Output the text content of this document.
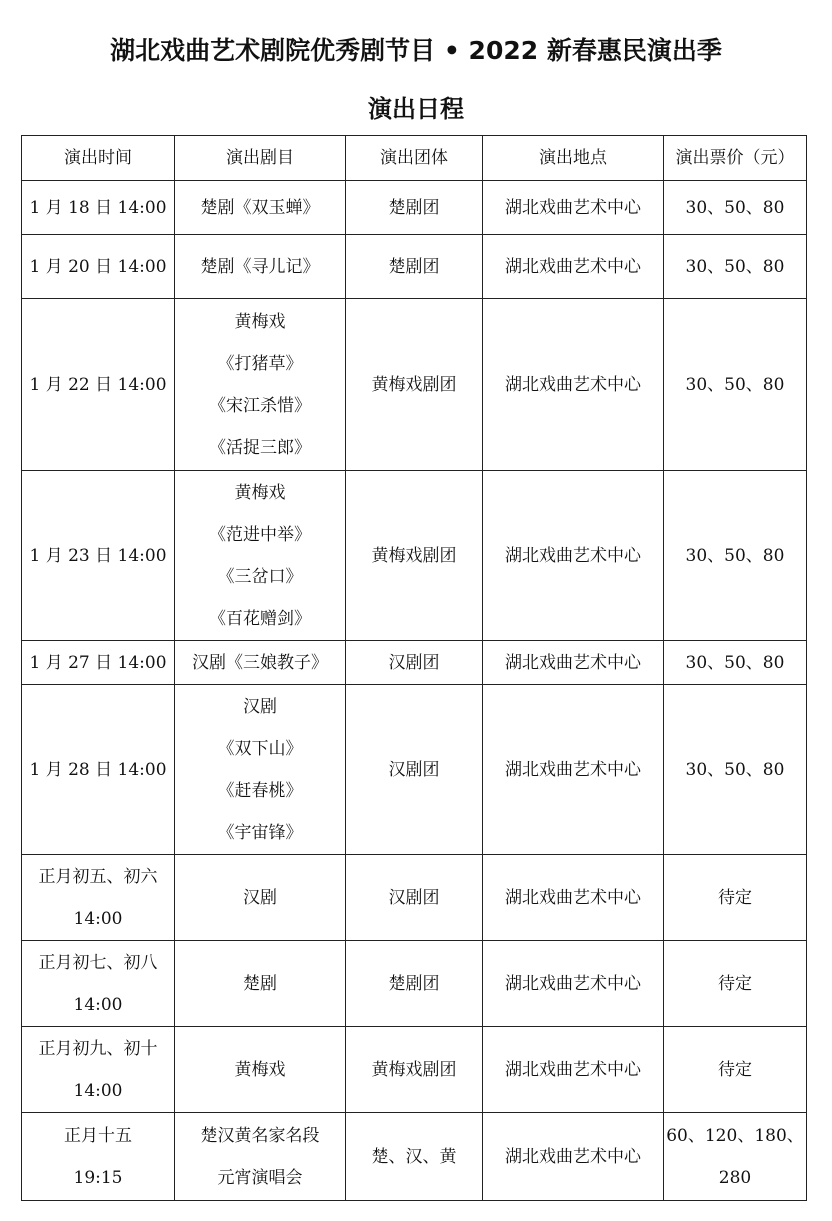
湖北戏曲艺术剧院优秀剧节目 • 2022 新春惠民演出季
演出日程
演出时间	演出剧目	演出团体	演出地点	演出票价（元）

1 月 18 日 14:00	楚剧《双玉蝉》	楚剧团	湖北戏曲艺术中心	30、50、80

1 月 20 日 14:00	楚剧《寻儿记》	楚剧团	湖北戏曲艺术中心	30、50、80

1 月 22 日 14:00	黄梅戏
《打猪草》
《宋江杀惜》
《活捉三郎》	黄梅戏剧团	湖北戏曲艺术中心	30、50、80

1 月 23 日 14:00	黄梅戏
《范进中举》
《三岔口》
《百花赠剑》	黄梅戏剧团	湖北戏曲艺术中心	30、50、80

1 月 27 日 14:00	汉剧《三娘教子》	汉剧团	湖北戏曲艺术中心	30、50、80

1 月 28 日 14:00	汉剧
《双下山》
《赶春桃》
《宇宙锋》	汉剧团	湖北戏曲艺术中心	30、50、80

正月初五、初六
14:00	汉剧	汉剧团	湖北戏曲艺术中心	待定

正月初七、初八
14:00	楚剧	楚剧团	湖北戏曲艺术中心	待定

正月初九、初十
14:00	黄梅戏	黄梅戏剧团	湖北戏曲艺术中心	待定

正月十五
19:15	楚汉黄名家名段
元宵演唱会	楚、汉、黄	湖北戏曲艺术中心	60、120、180、
280
